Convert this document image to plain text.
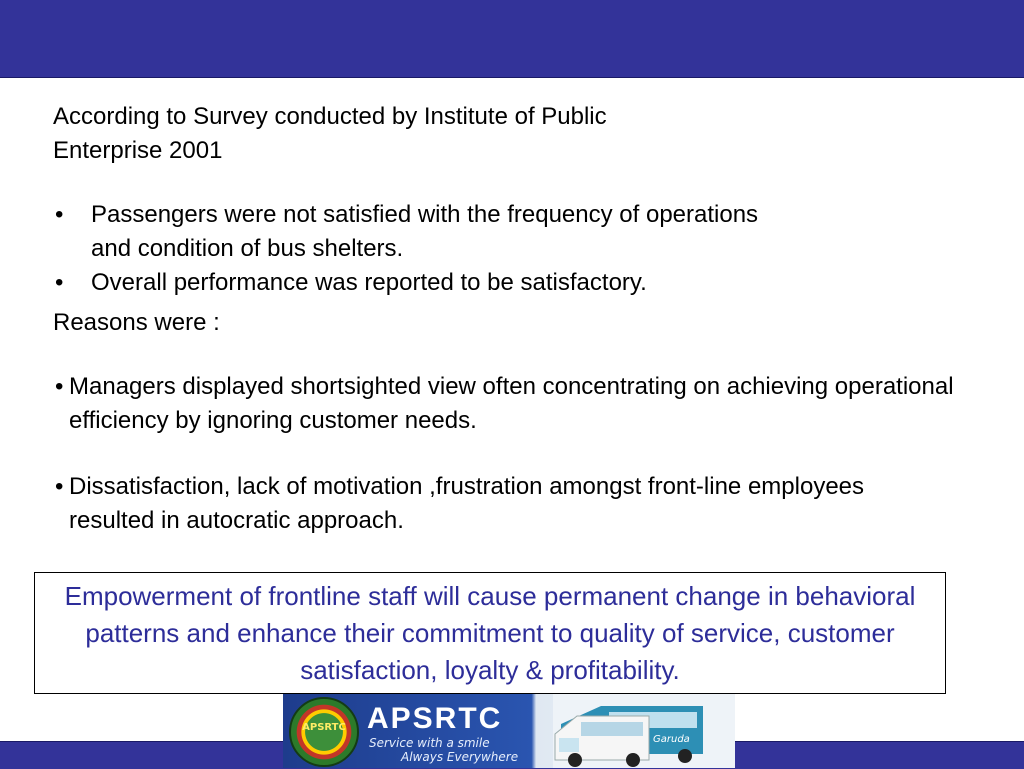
According to Survey conducted by Institute of Public Enterprise 2001

• Passengers were not satisfied with the frequency of operations and condition of bus shelters.
• Overall performance was reported to be satisfactory.

Reasons were :

• Managers displayed shortsighted view often concentrating on achieving operational efficiency by ignoring customer needs.
• Dissatisfaction, lack of motivation ,frustration amongst front-line employees resulted in autocratic approach.
Empowerment of frontline staff will cause permanent change in behavioral patterns and enhance their commitment to quality of service, customer satisfaction, loyalty & profitability.
APSRTC APSRTC
Service with a smile
Always Everywhere
Garuda
